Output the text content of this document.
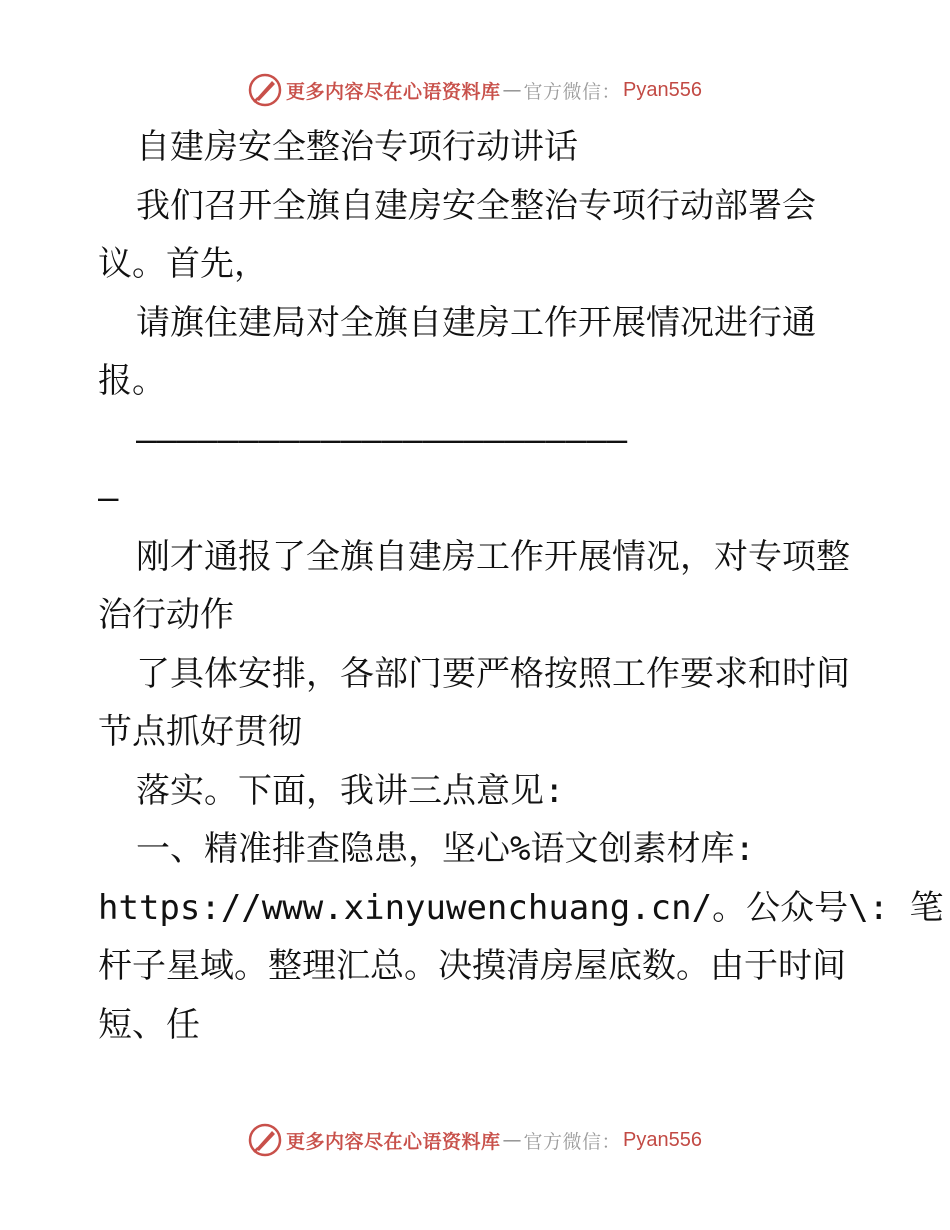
更多内容尽在心语资料库 — 官方微信： Pyan556
自建房安全整治专项行动讲话
我们召开全旗自建房安全整治专项行动部署会
议。首先，
请旗住建局对全旗自建房工作开展情况进行通
报。
————————————————————————
—
刚才通报了全旗自建房工作开展情况，对专项整
治行动作
了具体安排，各部门要严格按照工作要求和时间
节点抓好贯彻
落实。下面，我讲三点意见:
一、精准排查隐患，坚心%语文创素材库:
https://www.xinyuwenchuang.cn/。公众号\: 笔
杆子星域。整理汇总。决摸清房屋底数。由于时间
短、任
更多内容尽在心语资料库 — 官方微信： Pyan556
